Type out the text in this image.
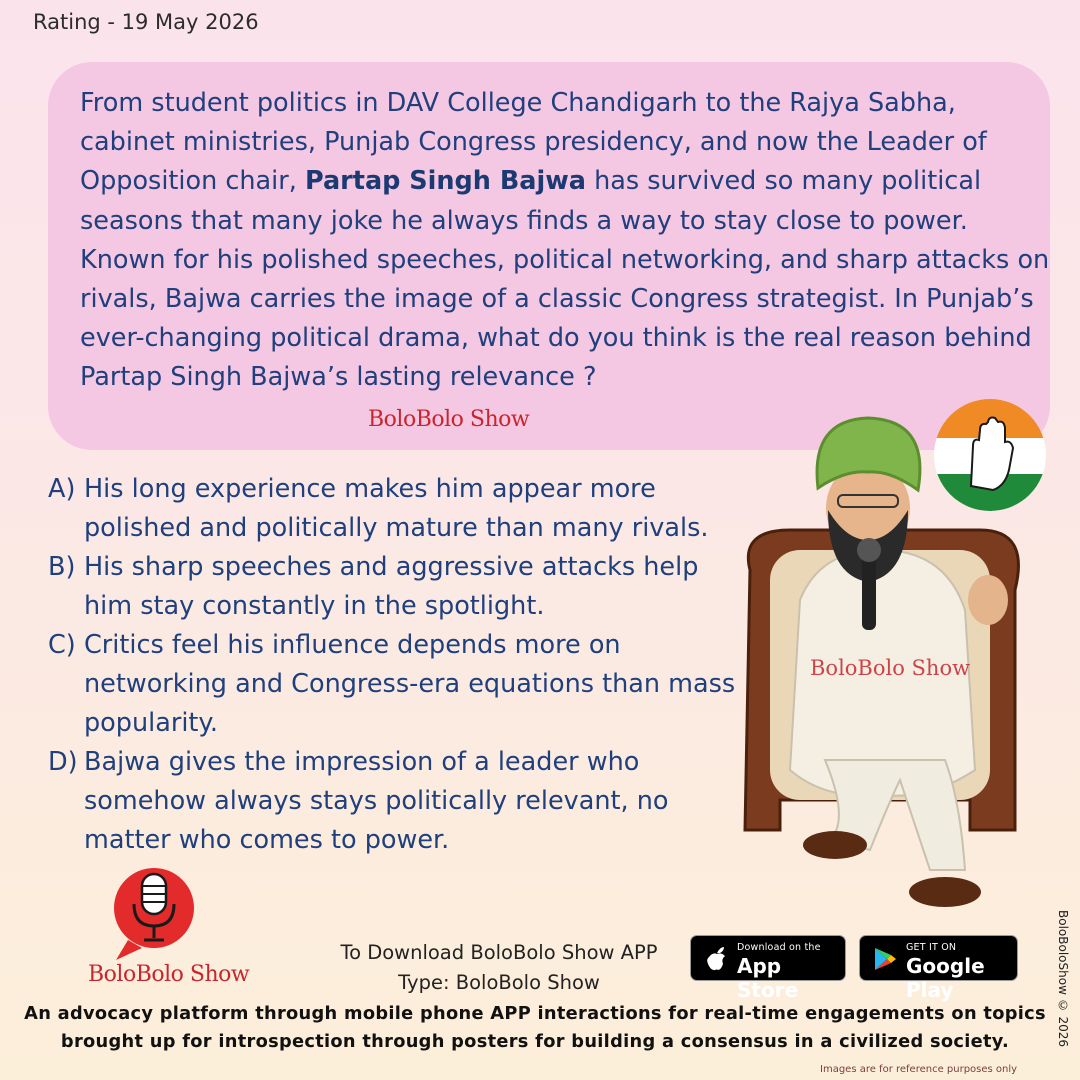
Rating - 19 May 2026

From student politics in DAV College Chandigarh to the Rajya Sabha, cabinet ministries, Punjab Congress presidency, and now the Leader of Opposition chair, Partap Singh Bajwa has survived so many political seasons that many joke he always finds a way to stay close to power. Known for his polished speeches, political networking, and sharp attacks on rivals, Bajwa carries the image of a classic Congress strategist. In Punjab’s ever-changing political drama, what do you think is the real reason behind Partap Singh Bajwa’s lasting relevance ?

BoloBolo Show
A) His long experience makes him appear more polished and politically mature than many rivals.
B) His sharp speeches and aggressive attacks help him stay constantly in the spotlight.
C) Critics feel his influence depends more on networking and Congress-era equations than mass popularity.
D) Bajwa gives the impression of a leader who somehow always stays politically relevant, no matter who comes to power.
BoloBolo Show
BoloBolo Show
To Download BoloBolo Show APP
Type: BoloBolo Show
Download on the
App Store
GET IT ON
Google Play
An advocacy platform through mobile phone APP interactions for real-time engagements on topics brought up for introspection through posters for building a consensus in a civilized society.	BoloBoloShow © 2026
Images are for reference purposes only
